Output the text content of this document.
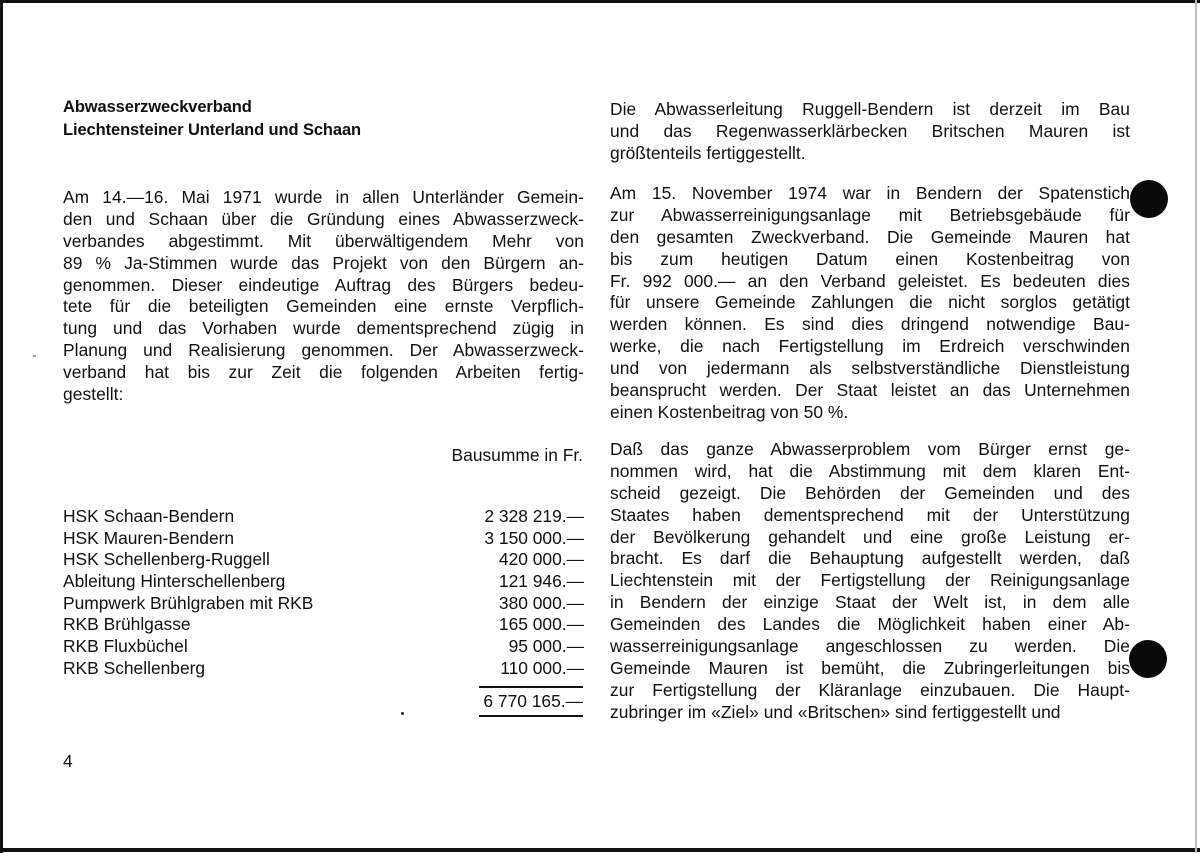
Abwasserzweckverband
Liechtensteiner Unterland und Schaan
Am 14.—16. Mai 1971 wurde in allen Unterländer Gemein-
den und Schaan über die Gründung eines Abwasserzweck-
verbandes abgestimmt. Mit überwältigendem Mehr von
89 % Ja-Stimmen wurde das Projekt von den Bürgern an-
genommen. Dieser eindeutige Auftrag des Bürgers bedeu-
tete für die beteiligten Gemeinden eine ernste Verpflich-
tung und das Vorhaben wurde dementsprechend zügig in
Planung und Realisierung genommen. Der Abwasserzweck-
verband hat bis zur Zeit die folgenden Arbeiten fertig-
gestellt:
Bausumme in Fr.
HSK Schaan-Bendern	2 328 219.—
HSK Mauren-Bendern	3 150 000.—
HSK Schellenberg-Ruggell	420 000.—
Ableitung Hinterschellenberg	121 946.—
Pumpwerk Brühlgraben mit RKB	380 000.—
RKB Brühlgasse	165 000.—
RKB Fluxbüchel	95 000.—
RKB Schellenberg	110 000.—
6 770 165.—
Die Abwasserleitung Ruggell-Bendern ist derzeit im Bau
und das Regenwasserklärbecken Britschen Mauren ist
größtenteils fertiggestellt.
Am 15. November 1974 war in Bendern der Spatenstich
zur Abwasserreinigungsanlage mit Betriebsgebäude für
den gesamten Zweckverband. Die Gemeinde Mauren hat
bis zum heutigen Datum einen Kostenbeitrag von
Fr. 992 000.— an den Verband geleistet. Es bedeuten dies
für unsere Gemeinde Zahlungen die nicht sorglos getätigt
werden können. Es sind dies dringend notwendige Bau-
werke, die nach Fertigstellung im Erdreich verschwinden
und von jedermann als selbstverständliche Dienstleistung
beansprucht werden. Der Staat leistet an das Unternehmen
einen Kostenbeitrag von 50 %.
Daß das ganze Abwasserproblem vom Bürger ernst ge-
nommen wird, hat die Abstimmung mit dem klaren Ent-
scheid gezeigt. Die Behörden der Gemeinden und des
Staates haben dementsprechend mit der Unterstützung
der Bevölkerung gehandelt und eine große Leistung er-
bracht. Es darf die Behauptung aufgestellt werden, daß
Liechtenstein mit der Fertigstellung der Reinigungsanlage
in Bendern der einzige Staat der Welt ist, in dem alle
Gemeinden des Landes die Möglichkeit haben einer Ab-
wasserreinigungsanlage angeschlossen zu werden. Die
Gemeinde Mauren ist bemüht, die Zubringerleitungen bis
zur Fertigstellung der Kläranlage einzubauen. Die Haupt-
zubringer im «Ziel» und «Britschen» sind fertiggestellt und
4
